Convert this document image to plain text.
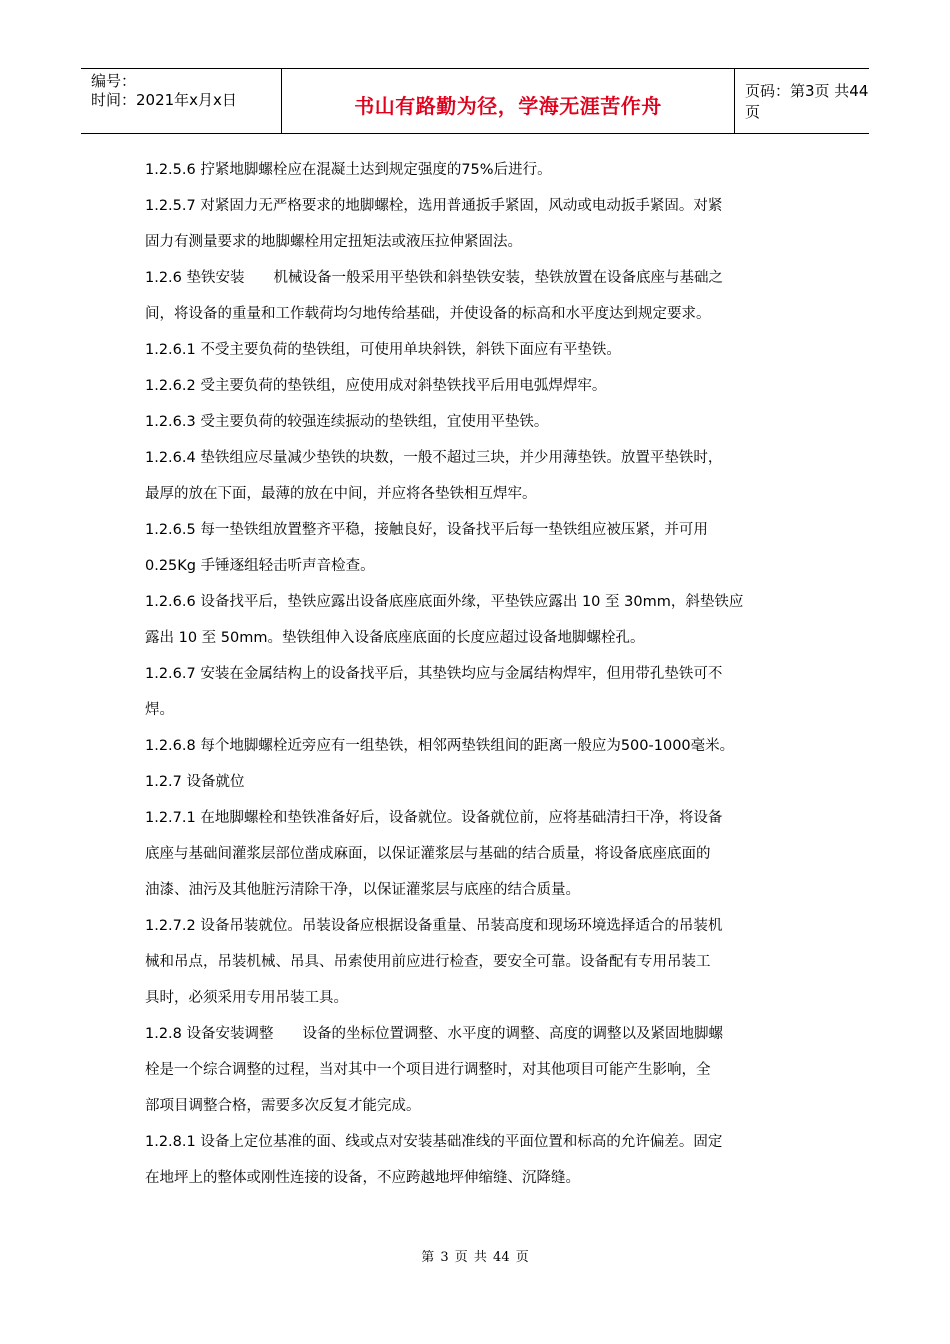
编号：
时间：2021年x月x日	书山有路勤为径，学海无涯苦作舟
页码：第3页 共44页

1.2.5.6 拧紧地脚螺栓应在混凝土达到规定强度的75%后进行。

1.2.5.7 对紧固力无严格要求的地脚螺栓，选用普通扳手紧固，风动或电动扳手紧固。对紧

固力有测量要求的地脚螺栓用定扭矩法或液压拉伸紧固法。

1.2.6 垫铁安装　　机械设备一般采用平垫铁和斜垫铁安装，垫铁放置在设备底座与基础之

间，将设备的重量和工作载荷均匀地传给基础，并使设备的标高和水平度达到规定要求。

1.2.6.1 不受主要负荷的垫铁组，可使用单块斜铁，斜铁下面应有平垫铁。

1.2.6.2 受主要负荷的垫铁组，应使用成对斜垫铁找平后用电弧焊焊牢。

1.2.6.3 受主要负荷的较强连续振动的垫铁组，宜使用平垫铁。

1.2.6.4 垫铁组应尽量减少垫铁的块数，一般不超过三块，并少用薄垫铁。放置平垫铁时，

最厚的放在下面，最薄的放在中间，并应将各垫铁相互焊牢。

1.2.6.5 每一垫铁组放置整齐平稳，接触良好，设备找平后每一垫铁组应被压紧，并可用

0.25Kg 手锤逐组轻击听声音检查。

1.2.6.6 设备找平后，垫铁应露出设备底座底面外缘，平垫铁应露出 10 至 30mm，斜垫铁应

露出 10 至 50mm。垫铁组伸入设备底座底面的长度应超过设备地脚螺栓孔。

1.2.6.7 安装在金属结构上的设备找平后，其垫铁均应与金属结构焊牢，但用带孔垫铁可不

焊。

1.2.6.8 每个地脚螺栓近旁应有一组垫铁，相邻两垫铁组间的距离一般应为500-1000毫米。

1.2.7 设备就位

1.2.7.1 在地脚螺栓和垫铁准备好后，设备就位。设备就位前，应将基础清扫干净，将设备

底座与基础间灌浆层部位凿成麻面，以保证灌浆层与基础的结合质量，将设备底座底面的

油漆、油污及其他脏污清除干净，以保证灌浆层与底座的结合质量。

1.2.7.2 设备吊装就位。吊装设备应根据设备重量、吊装高度和现场环境选择适合的吊装机

械和吊点，吊装机械、吊具、吊索使用前应进行检查，要安全可靠。设备配有专用吊装工

具时，必须采用专用吊装工具。

1.2.8 设备安装调整　　设备的坐标位置调整、水平度的调整、高度的调整以及紧固地脚螺

栓是一个综合调整的过程，当对其中一个项目进行调整时，对其他项目可能产生影响，全

部项目调整合格，需要多次反复才能完成。

1.2.8.1 设备上定位基准的面、线或点对安装基础准线的平面位置和标高的允许偏差。固定

在地坪上的整体或刚性连接的设备，不应跨越地坪伸缩缝、沉降缝。

第 3 页 共 44 页
